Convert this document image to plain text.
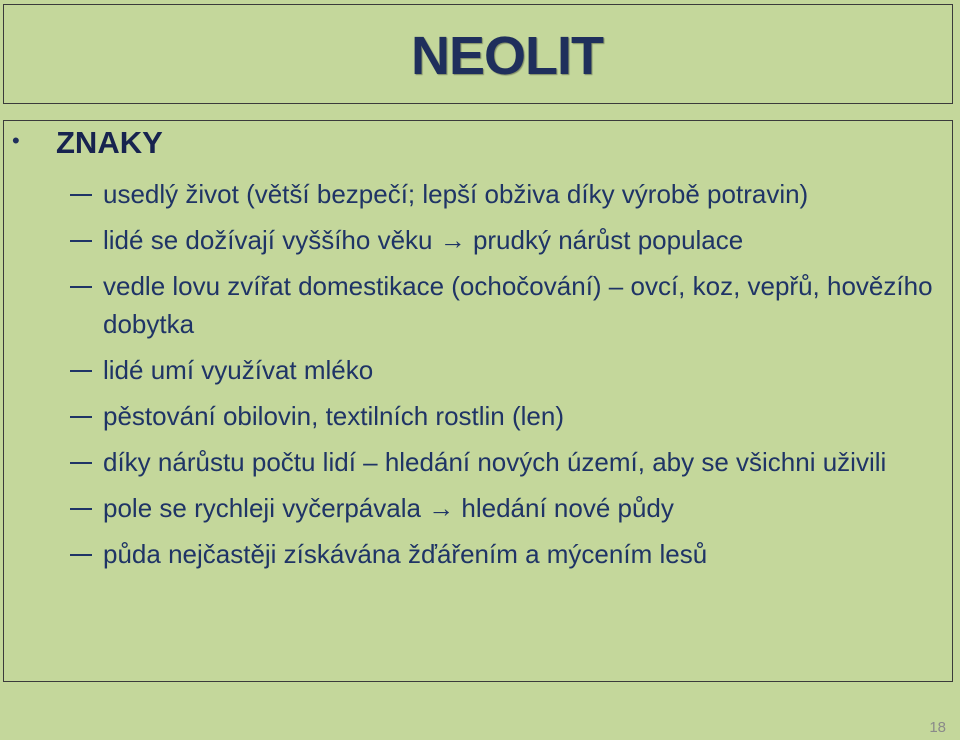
NEOLIT
• ZNAKY
usedlý život (větší bezpečí; lepší obživa díky výrobě potravin)
lidé se dožívají vyššího věku → prudký nárůst populace
vedle lovu zvířat domestikace (ochočování) – ovcí, koz, vepřů, hovězího dobytka
lidé umí využívat mléko
pěstování obilovin, textilních rostlin (len)
díky nárůstu počtu lidí – hledání nových území, aby se všichni uživili
pole se rychleji vyčerpávala → hledání nové půdy
půda nejčastěji získávána žďářením a mýcením lesů
18
